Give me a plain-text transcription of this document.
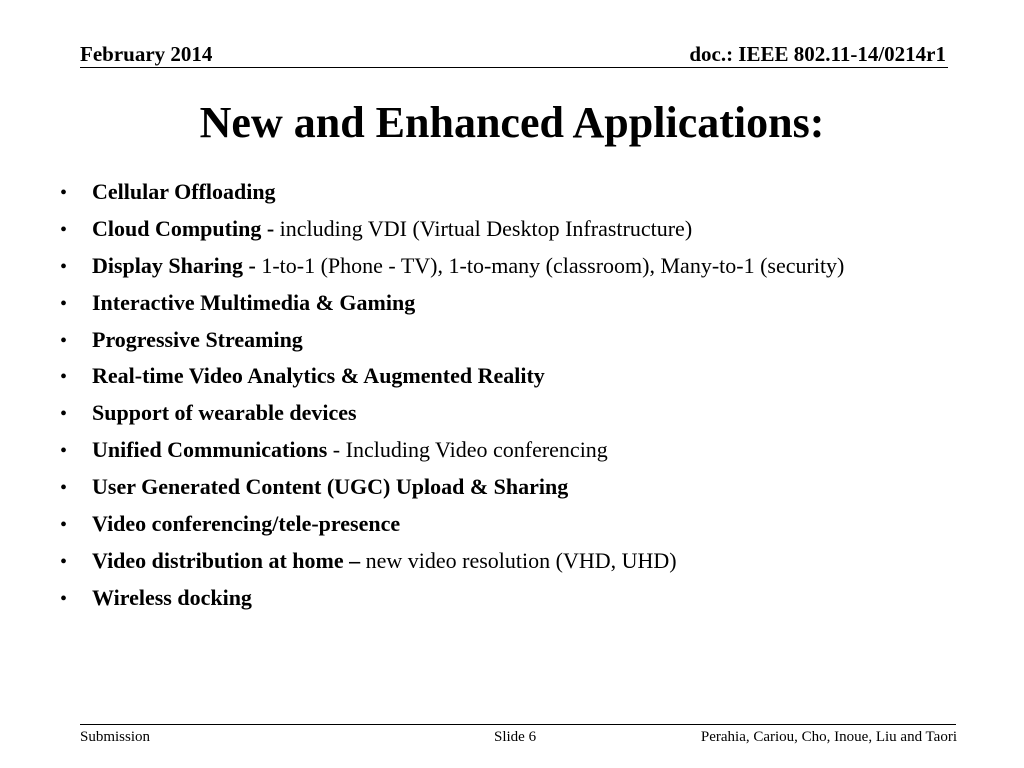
February 2014	doc.: IEEE 802.11-14/0214r1
New and Enhanced Applications:
•	Cellular Offloading
•	Cloud Computing - including VDI (Virtual Desktop Infrastructure)
•	Display Sharing - 1-to-1 (Phone - TV), 1-to-many (classroom), Many-to-1 (security)
•	Interactive Multimedia & Gaming
•	Progressive Streaming
•	Real-time Video Analytics & Augmented Reality
•	Support of wearable devices
•	Unified Communications - Including Video conferencing
•	User Generated Content (UGC) Upload & Sharing
•	Video conferencing/tele-presence
•	Video distribution at home – new video resolution (VHD, UHD)
•	Wireless docking
Submission	Slide 6	Perahia, Cariou, Cho, Inoue, Liu and Taori
